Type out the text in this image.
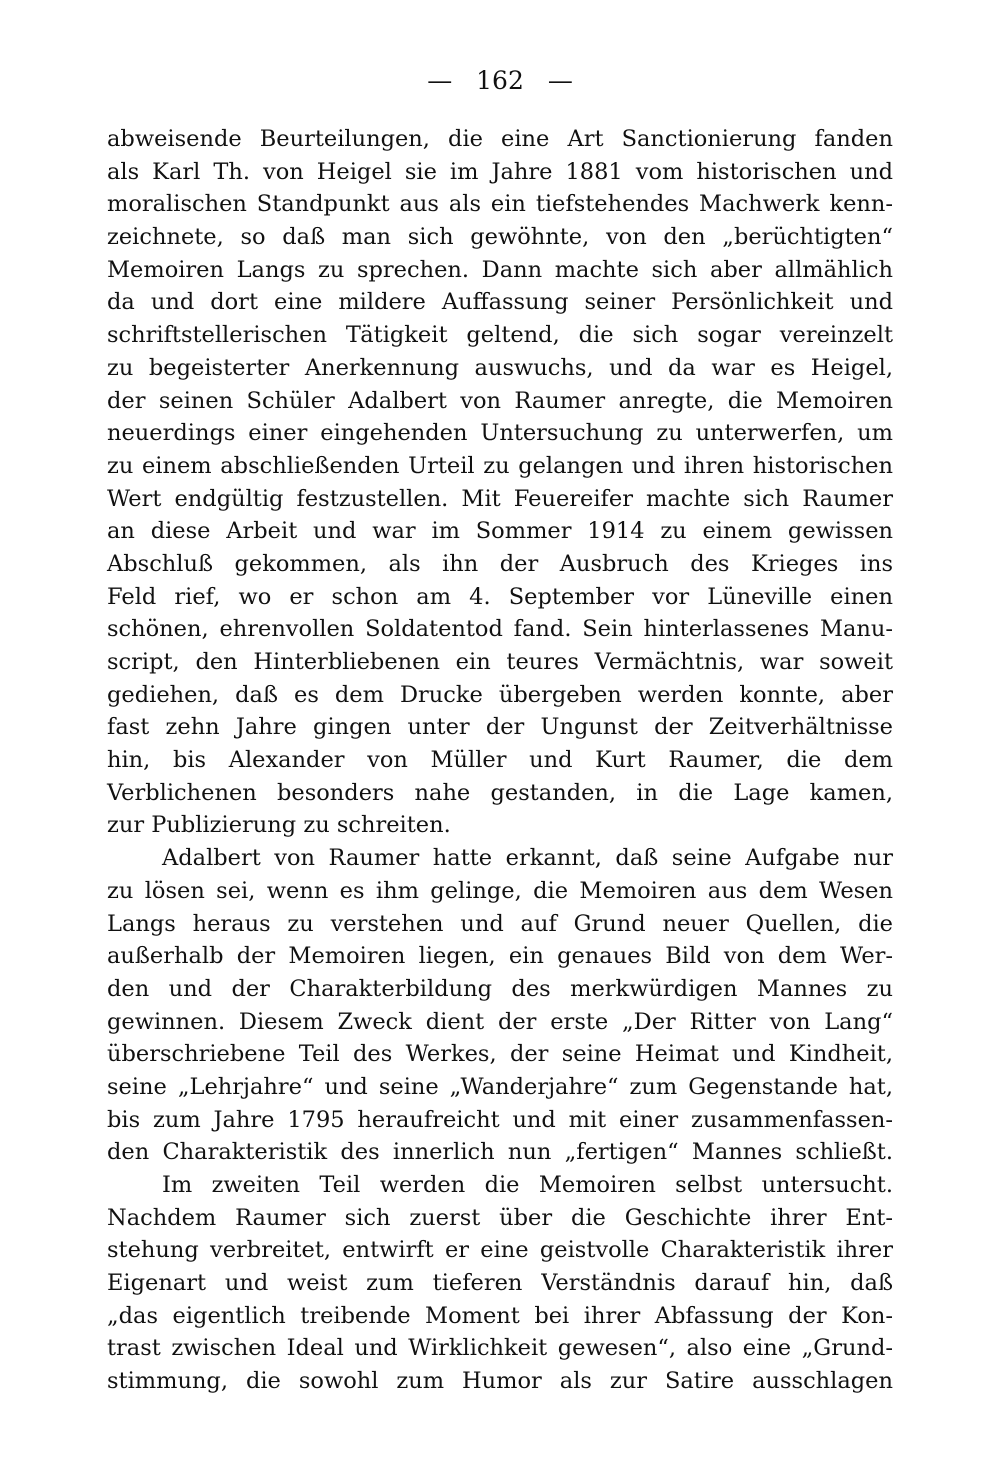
— 162 —
abweisende Beurteilungen, die eine Art Sanctionierung fanden
als Karl Th. von Heigel sie im Jahre 1881 vom historischen und
moralischen Standpunkt aus als ein tiefstehendes Machwerk kenn-
zeichnete, so daß man sich gewöhnte, von den „berüchtigten“
Memoiren Langs zu sprechen. Dann machte sich aber allmählich
da und dort eine mildere Auffassung seiner Persönlichkeit und
schriftstellerischen Tätigkeit geltend, die sich sogar vereinzelt
zu begeisterter Anerkennung auswuchs, und da war es Heigel,
der seinen Schüler Adalbert von Raumer anregte, die Memoiren
neuerdings einer eingehenden Untersuchung zu unterwerfen, um
zu einem abschließenden Urteil zu gelangen und ihren historischen
Wert endgültig festzustellen. Mit Feuereifer machte sich Raumer
an diese Arbeit und war im Sommer 1914 zu einem gewissen
Abschluß gekommen, als ihn der Ausbruch des Krieges ins
Feld rief, wo er schon am 4. September vor Lüneville einen
schönen, ehrenvollen Soldatentod fand. Sein hinterlassenes Manu-
script, den Hinterbliebenen ein teures Vermächtnis, war soweit
gediehen, daß es dem Drucke übergeben werden konnte, aber
fast zehn Jahre gingen unter der Ungunst der Zeitverhältnisse
hin, bis Alexander von Müller und Kurt Raumer, die dem
Verblichenen besonders nahe gestanden, in die Lage kamen,
zur Publizierung zu schreiten.
Adalbert von Raumer hatte erkannt, daß seine Aufgabe nur
zu lösen sei, wenn es ihm gelinge, die Memoiren aus dem Wesen
Langs heraus zu verstehen und auf Grund neuer Quellen, die
außerhalb der Memoiren liegen, ein genaues Bild von dem Wer-
den und der Charakterbildung des merkwürdigen Mannes zu
gewinnen. Diesem Zweck dient der erste „Der Ritter von Lang“
überschriebene Teil des Werkes, der seine Heimat und Kindheit,
seine „Lehrjahre“ und seine „Wanderjahre“ zum Gegenstande hat,
bis zum Jahre 1795 heraufreicht und mit einer zusammenfassen-
den Charakteristik des innerlich nun „fertigen“ Mannes schließt.
Im zweiten Teil werden die Memoiren selbst untersucht.
Nachdem Raumer sich zuerst über die Geschichte ihrer Ent-
stehung verbreitet, entwirft er eine geistvolle Charakteristik ihrer
Eigenart und weist zum tieferen Verständnis darauf hin, daß
„das eigentlich treibende Moment bei ihrer Abfassung der Kon-
trast zwischen Ideal und Wirklichkeit gewesen“, also eine „Grund-
stimmung, die sowohl zum Humor als zur Satire ausschlagen
